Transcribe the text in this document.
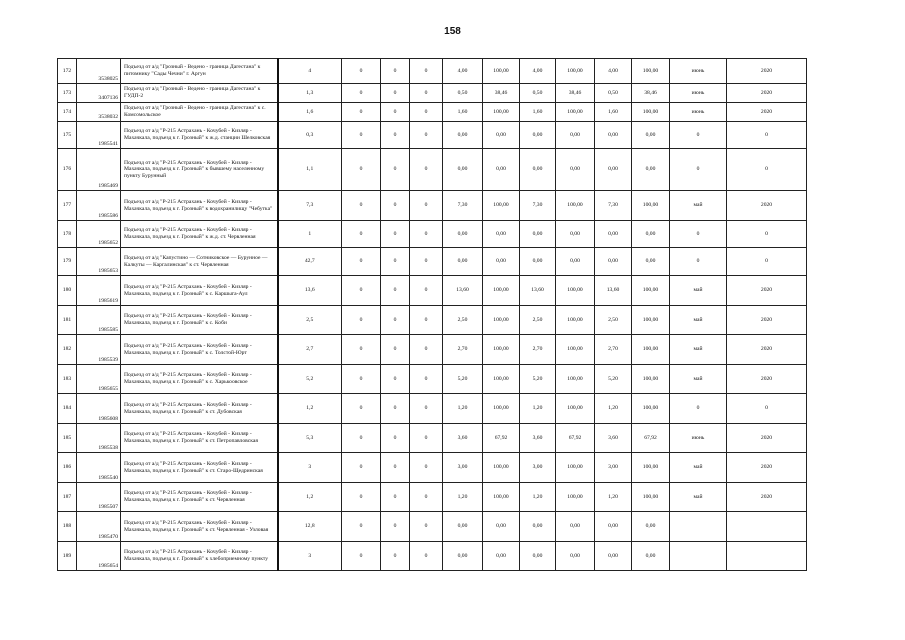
158
172	3538025	Подъезд от а/д "Грозный - Ведено - граница Дагестана" к питомнику "Сады Чечни" г. Аргун	4	0	0	0	4,00	100,00	4,00	100,00	4,00	100,00	июнь	2020
173	3407136	Подъезд от а/д "Грозный - Ведено - граница Дагестана" к ГУДП-2	1,3	0	0	0	0,50	38,46	0,50	38,46	0,50	38,46	июнь	2020
174	3538032	Подъезд от а/д "Грозный - Ведено - граница Дагестана" к с. Комсомольское	1,6	0	0	0	1,60	100,00	1,60	100,00	1,60	100,00	июнь	2020
175	1985541	Подъезд от а/д "Р-215 Астрахань - Кочубей - Кизляр - Махачкала, подъезд к г. Грозный" к ж.д. станции Шелковская	0,3	0	0	0	0,00	0,00	0,00	0,00	0,00	0,00	0	0
176	1985469	Подъезд от а/д "Р-215 Астрахань - Кочубей - Кизляр - Махачкала, подъезд к г. Грозный" к бывшему населенному пункту Бурунный	1,1	0	0	0	0,00	0,00	0,00	0,00	0,00	0,00	0	0
177	1985586	Подъезд от а/д "Р-215 Астрахань - Кочубей - Кизляр - Махачкала, подъезд к г. Грозный" к водохранилищу "Чебутка"	7,3	0	0	0	7,30	100,00	7,30	100,00	7,30	100,00	май	2020
178	1985652	Подъезд от а/д "Р-215 Астрахань - Кочубей - Кизляр - Махачкала, подъезд к г. Грозный" к ж.д. ст. Червленная	1	0	0	0	0,00	0,00	0,00	0,00	0,00	0,00	0	0
179	1985653	Подъезд от а/д "Капустино — Сотниковское — Бурунное — Калкуты — Каргалинская" к ст. Червленная	42,7	0	0	0	0,00	0,00	0,00	0,00	0,00	0,00	0	0
180	1985619	Подъезд от а/д "Р-215 Астрахань - Кочубей - Кизляр - Махачкала, подъезд к г. Грозный" к с. Каршыга-Аул	13,6	0	0	0	13,60	100,00	13,60	100,00	13,60	100,00	май	2020
181	1985585	Подъезд от а/д "Р-215 Астрахань - Кочубей - Кизляр - Махачкала, подъезд к г. Грозный" к с. Коби	2,5	0	0	0	2,50	100,00	2,50	100,00	2,50	100,00	май	2020
182	1985539	Подъезд от а/д "Р-215 Астрахань - Кочубей - Кизляр - Махачкала, подъезд к г. Грозный" к с. Толстой-Юрт	2,7	0	0	0	2,70	100,00	2,70	100,00	2,70	100,00	май	2020
183	1985655	Подъезд от а/д "Р-215 Астрахань - Кочубей - Кизляр - Махачкала, подъезд к г. Грозный" к с. Харькоовское	5,2	0	0	0	5,20	100,00	5,20	100,00	5,20	100,00	май	2020
184	1985608	Подъезд от а/д "Р-215 Астрахань - Кочубей - Кизляр - Махачкала, подъезд к г. Грозный" к ст. Дубовская	1,2	0	0	0	1,20	100,00	1,20	100,00	1,20	100,00	0	0
185	1985538	Подъезд от а/д "Р-215 Астрахань - Кочубей - Кизляр - Махачкала, подъезд к г. Грозный" к ст. Петропавловская	5,3	0	0	0	3,60	67,92	3,60	67,92	3,60	67,92	июнь	2020
186	1985540	Подъезд от а/д "Р-215 Астрахань - Кочубей - Кизляр - Махачкала, подъезд к г. Грозный" к ст. Старо-Щедринская	3	0	0	0	3,00	100,00	3,00	100,00	3,00	100,00	май	2020
187	1985507	Подъезд от а/д "Р-215 Астрахань - Кочубей - Кизляр - Махачкала, подъезд к г. Грозный" к ст. Червленная	1,2	0	0	0	1,20	100,00	1,20	100,00	1,20	100,00	май	2020
188	1985470	Подъезд от а/д "Р-215 Астрахань - Кочубей - Кизляр - Махачкала, подъезд к г. Грозный" к ст. Червленная - Узловая	12,8	0	0	0	0,00	0,00	0,00	0,00	0,00	0,00		
189	1985654	Подъезд от а/д "Р-215 Астрахань - Кочубей - Кизляр - Махачкала, подъезд к г. Грозный" к хлебоприемному пункту	3	0	0	0	0,00	0,00	0,00	0,00	0,00	0,00		
